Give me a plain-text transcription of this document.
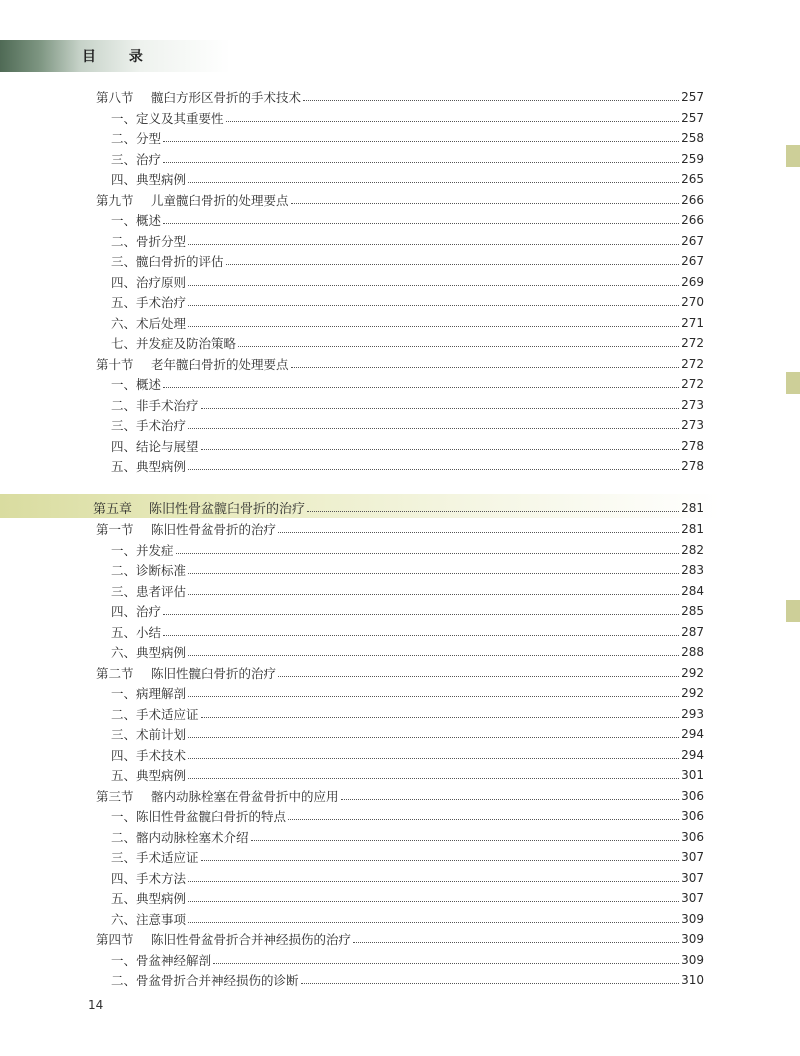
目 录
第八节	髋臼方形区骨折的手术技术	257
一、定义及其重要性	257
二、分型	258
三、治疗	259
四、典型病例	265
第九节	儿童髋臼骨折的处理要点	266
一、概述	266
二、骨折分型	267
三、髋臼骨折的评估	267
四、治疗原则	269
五、手术治疗	270
六、术后处理	271
七、并发症及防治策略	272
第十节	老年髋臼骨折的处理要点	272
一、概述	272
二、非手术治疗	273
三、手术治疗	273
四、结论与展望	278
五、典型病例	278
第五章	陈旧性骨盆髋臼骨折的治疗	281
第一节	陈旧性骨盆骨折的治疗	281
一、并发症	282
二、诊断标准	283
三、患者评估	284
四、治疗	285
五、小结	287
六、典型病例	288
第二节	陈旧性髋臼骨折的治疗	292
一、病理解剖	292
二、手术适应证	293
三、术前计划	294
四、手术技术	294
五、典型病例	301
第三节	髂内动脉栓塞在骨盆骨折中的应用	306
一、陈旧性骨盆髋臼骨折的特点	306
二、髂内动脉栓塞术介绍	306
三、手术适应证	307
四、手术方法	307
五、典型病例	307
六、注意事项	309
第四节	陈旧性骨盆骨折合并神经损伤的治疗	309
一、骨盆神经解剖	309
二、骨盆骨折合并神经损伤的诊断	310
14
